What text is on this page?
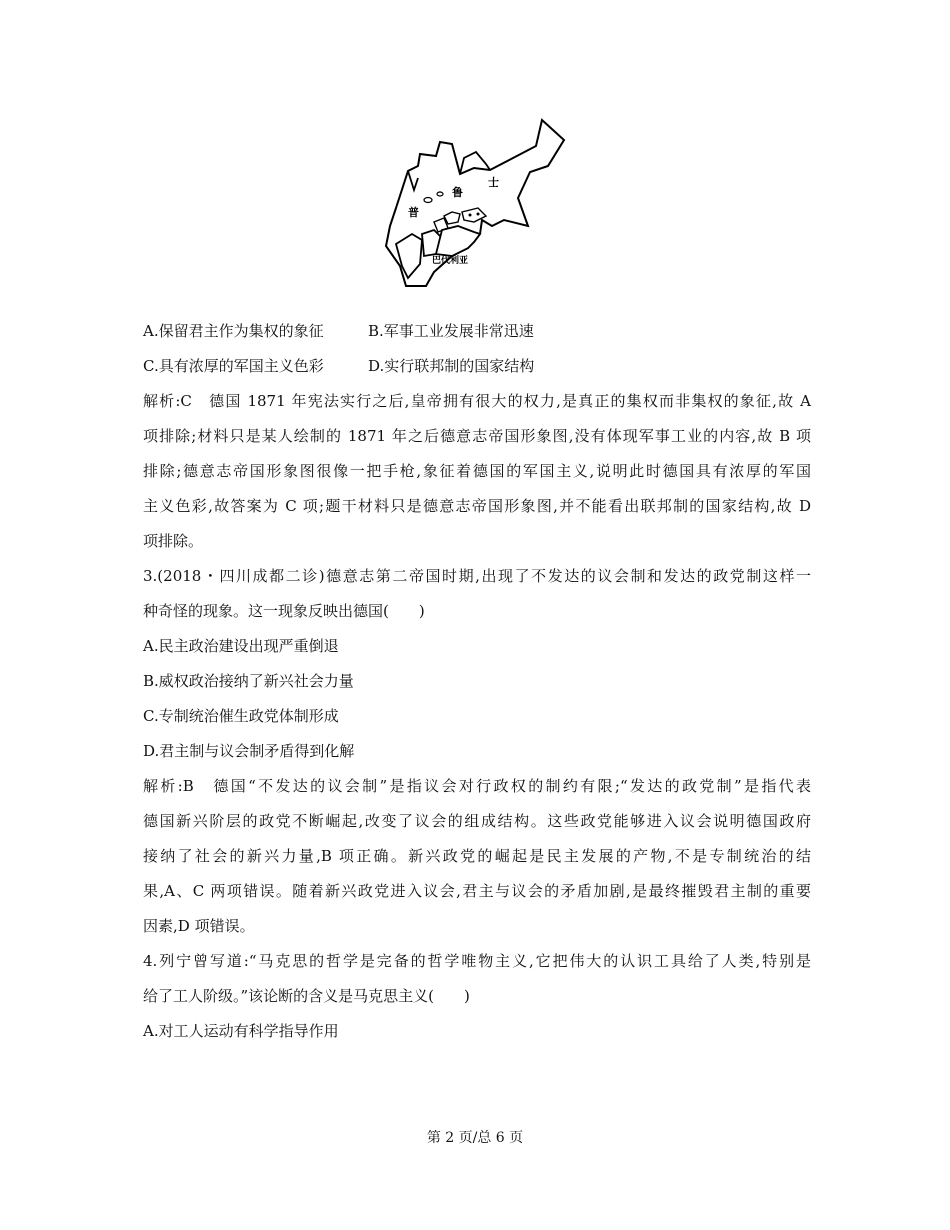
士
鲁
普
巴伐利亚
A.保留君主作为集权的象征	B.军事工业发展非常迅速
C.具有浓厚的军国主义色彩	D.实行联邦制的国家结构
解析:C　德国 1871 年宪法实行之后,皇帝拥有很大的权力,是真正的集权而非集权的象征,故 A
项排除;材料只是某人绘制的 1871 年之后德意志帝国形象图,没有体现军事工业的内容,故 B 项
排除;德意志帝国形象图很像一把手枪,象征着德国的军国主义,说明此时德国具有浓厚的军国
主义色彩,故答案为 C 项;题干材料只是德意志帝国形象图,并不能看出联邦制的国家结构,故 D
项排除。
3.(2018・四川成都二诊)德意志第二帝国时期,出现了不发达的议会制和发达的政党制这样一
种奇怪的现象。这一现象反映出德国(　　)
A.民主政治建设出现严重倒退
B.威权政治接纳了新兴社会力量
C.专制统治催生政党体制形成
D.君主制与议会制矛盾得到化解
解析:B　德国“不发达的议会制”是指议会对行政权的制约有限;“发达的政党制”是指代表
德国新兴阶层的政党不断崛起,改变了议会的组成结构。这些政党能够进入议会说明德国政府
接纳了社会的新兴力量,B 项正确。新兴政党的崛起是民主发展的产物,不是专制统治的结
果,A、C 两项错误。随着新兴政党进入议会,君主与议会的矛盾加剧,是最终摧毁君主制的重要
因素,D 项错误。
4.列宁曾写道:“马克思的哲学是完备的哲学唯物主义,它把伟大的认识工具给了人类,特别是
给了工人阶级。”该论断的含义是马克思主义(　　)
A.对工人运动有科学指导作用
第 2 页/总 6 页
